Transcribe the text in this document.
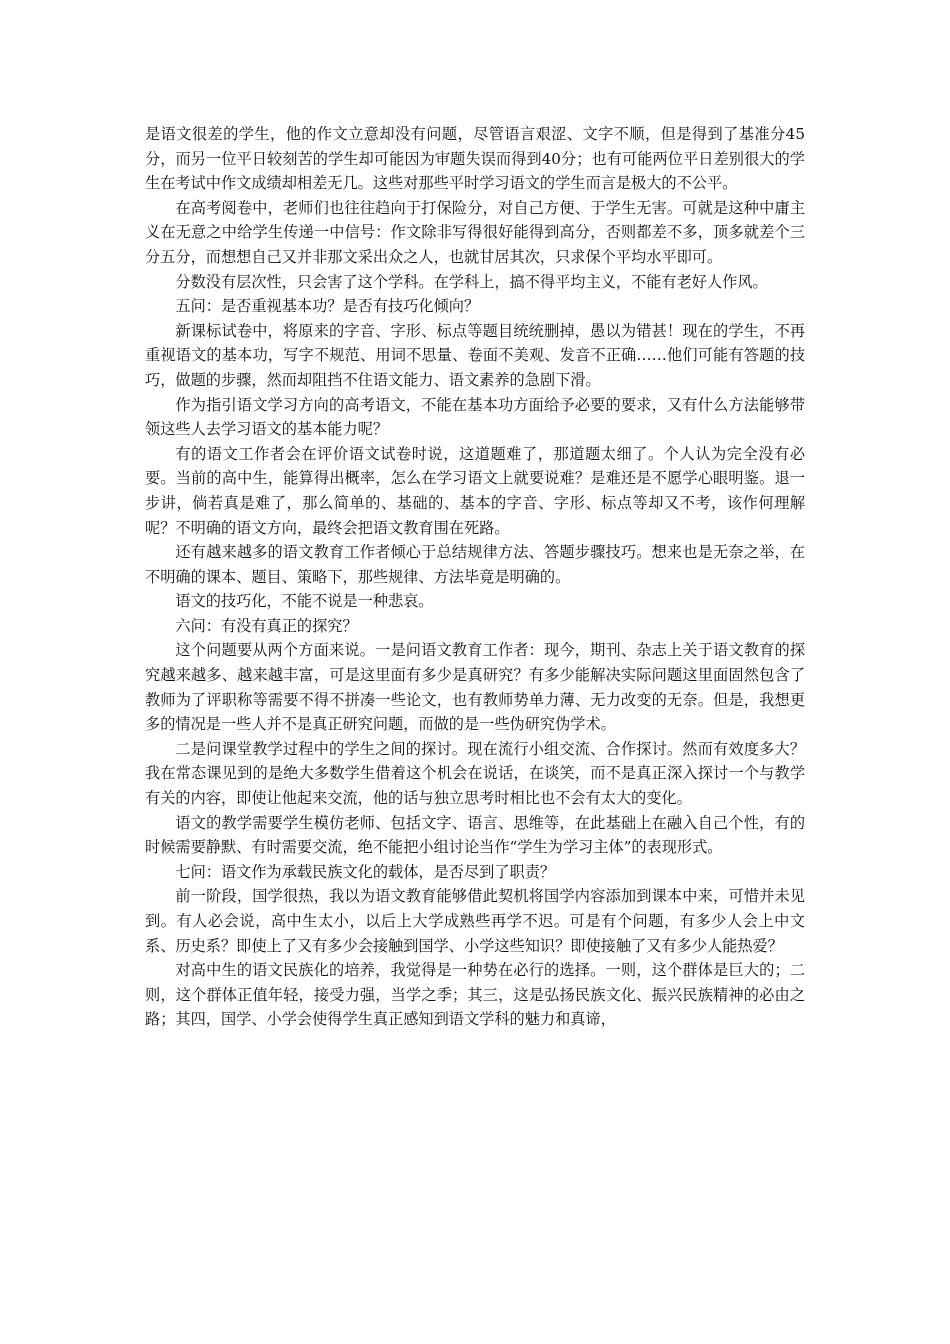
是语文很差的学生，他的作文立意却没有问题，尽管语言艰涩、文字不顺，但是得到了基准分45分，而另一位平日较刻苦的学生却可能因为审题失误而得到40分；也有可能两位平日差别很大的学生在考试中作文成绩却相差无几。这些对那些平时学习语文的学生而言是极大的不公平。

在高考阅卷中，老师们也往往趋向于打保险分，对自己方便、于学生无害。可就是这种中庸主义在无意之中给学生传递一中信号：作文除非写得很好能得到高分，否则都差不多，顶多就差个三分五分，而想想自己又并非那文采出众之人，也就甘居其次，只求保个平均水平即可。

分数没有层次性，只会害了这个学科。在学科上，搞不得平均主义，不能有老好人作风。

五问：是否重视基本功？是否有技巧化倾向？

新课标试卷中，将原来的字音、字形、标点等题目统统删掉，愚以为错甚！现在的学生，不再重视语文的基本功，写字不规范、用词不思量、卷面不美观、发音不正确……他们可能有答题的技巧，做题的步骤，然而却阻挡不住语文能力、语文素养的急剧下滑。

作为指引语文学习方向的高考语文，不能在基本功方面给予必要的要求，又有什么方法能够带领这些人去学习语文的基本能力呢？

有的语文工作者会在评价语文试卷时说，这道题难了，那道题太细了。个人认为完全没有必要。当前的高中生，能算得出概率，怎么在学习语文上就要说难？是难还是不愿学心眼明鉴。退一步讲，倘若真是难了，那么简单的、基础的、基本的字音、字形、标点等却又不考，该作何理解呢？不明确的语文方向，最终会把语文教育围在死路。

还有越来越多的语文教育工作者倾心于总结规律方法、答题步骤技巧。想来也是无奈之举，在不明确的课本、题目、策略下，那些规律、方法毕竟是明确的。

语文的技巧化，不能不说是一种悲哀。

六问：有没有真正的探究？

这个问题要从两个方面来说。一是问语文教育工作者：现今，期刊、杂志上关于语文教育的探究越来越多、越来越丰富，可是这里面有多少是真研究？有多少能解决实际问题这里面固然包含了教师为了评职称等需要不得不拼凑一些论文，也有教师势单力薄、无力改变的无奈。但是，我想更多的情况是一些人并不是真正研究问题，而做的是一些伪研究伪学术。

二是问课堂教学过程中的学生之间的探讨。现在流行小组交流、合作探讨。然而有效度多大？我在常态课见到的是绝大多数学生借着这个机会在说话，在谈笑，而不是真正深入探讨一个与教学有关的内容，即使让他起来交流，他的话与独立思考时相比也不会有太大的变化。

语文的教学需要学生模仿老师、包括文字、语言、思维等，在此基础上在融入自己个性，有的时候需要静默、有时需要交流，绝不能把小组讨论当作“学生为学习主体”的表现形式。

七问：语文作为承载民族文化的载体，是否尽到了职责？

前一阶段，国学很热，我以为语文教育能够借此契机将国学内容添加到课本中来，可惜并未见到。有人必会说，高中生太小，以后上大学成熟些再学不迟。可是有个问题，有多少人会上中文系、历史系？即使上了又有多少会接触到国学、小学这些知识？即使接触了又有多少人能热爱？

对高中生的语文民族化的培养，我觉得是一种势在必行的选择。一则，这个群体是巨大的；二则，这个群体正值年轻，接受力强，当学之季；其三，这是弘扬民族文化、振兴民族精神的必由之路；其四，国学、小学会使得学生真正感知到语文学科的魅力和真谛，
